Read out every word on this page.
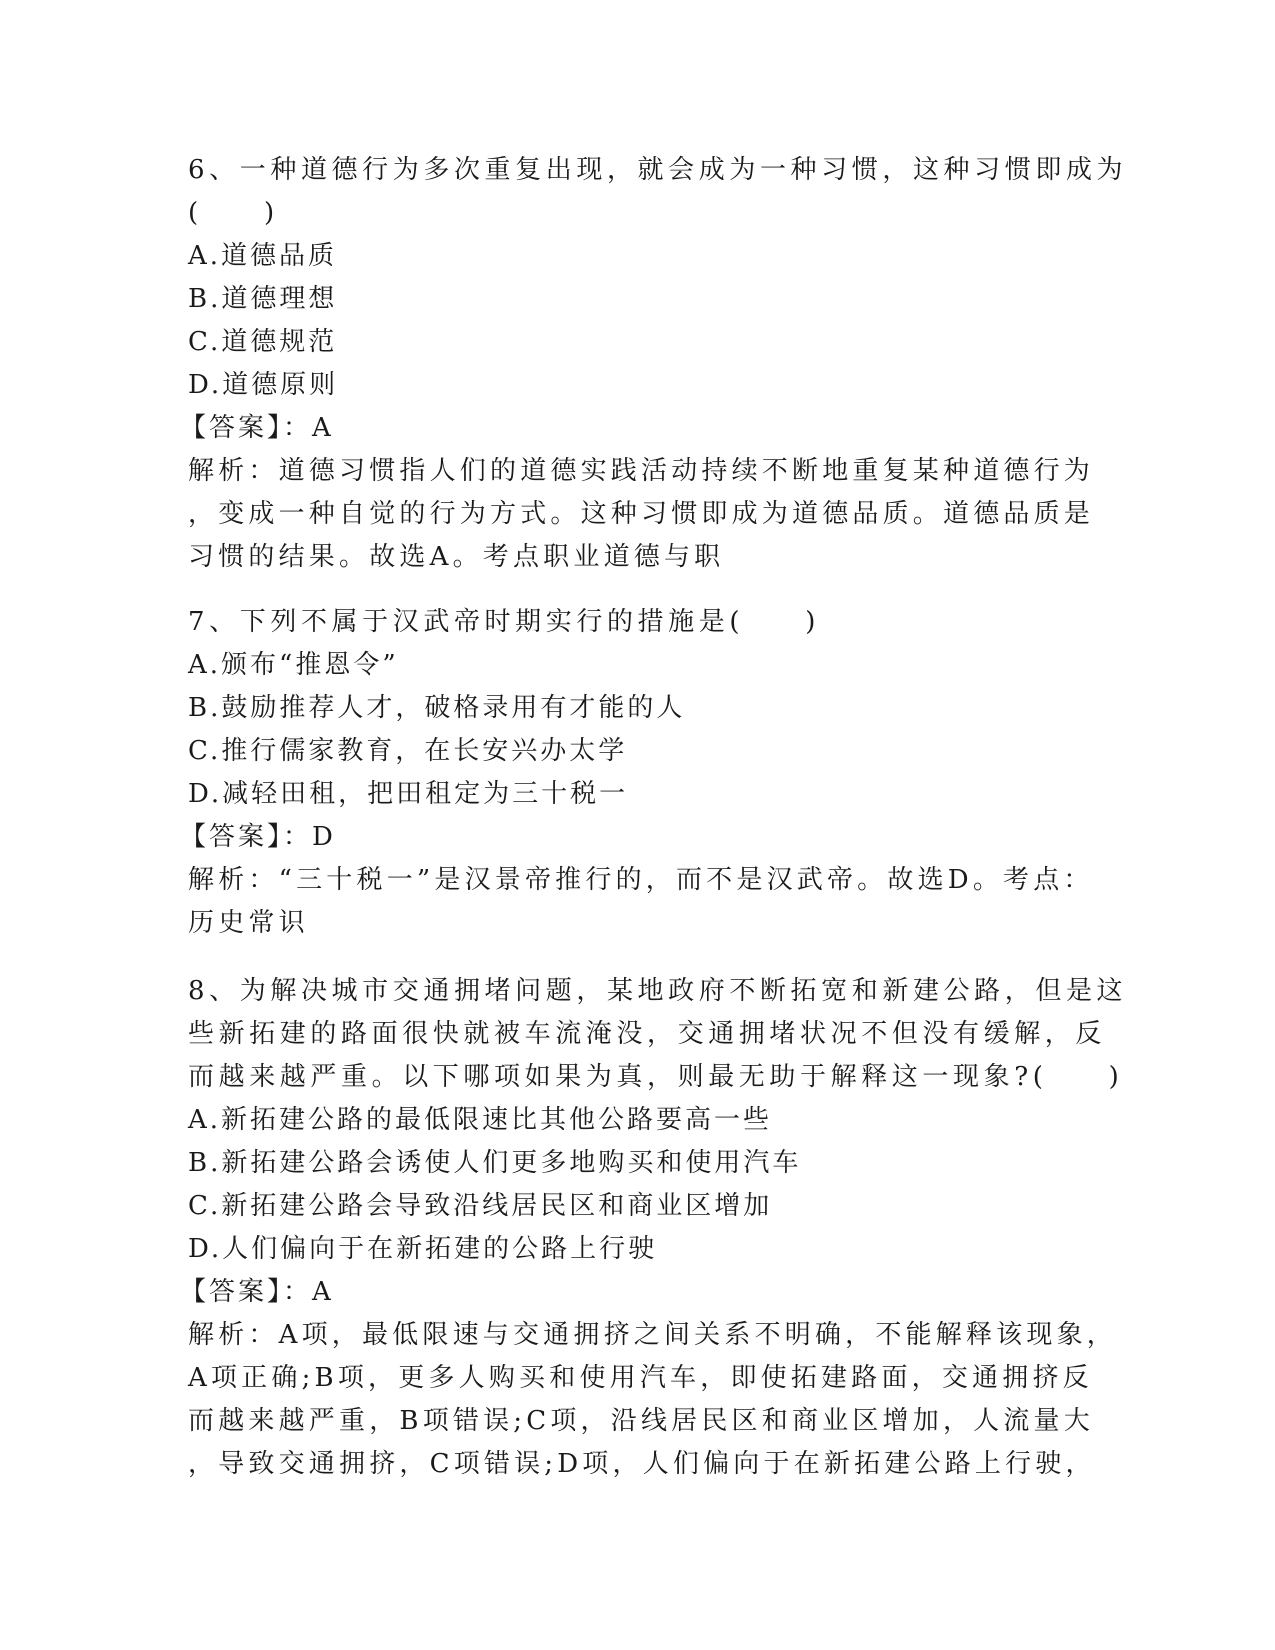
6、一种道德行为多次重复出现，就会成为一种习惯，这种习惯即成为
(　　)
A.道德品质
B.道德理想
C.道德规范
D.道德原则
【答案】：A
解析：道德习惯指人们的道德实践活动持续不断地重复某种道德行为
，变成一种自觉的行为方式。这种习惯即成为道德品质。道德品质是
习惯的结果。故选A。考点职业道德与职
7、下列不属于汉武帝时期实行的措施是(　　)
A.颁布“推恩令”
B.鼓励推荐人才，破格录用有才能的人
C.推行儒家教育，在长安兴办太学
D.减轻田租，把田租定为三十税一
【答案】：D
解析：“三十税一”是汉景帝推行的，而不是汉武帝。故选D。考点：
历史常识
8、为解决城市交通拥堵问题，某地政府不断拓宽和新建公路，但是这
些新拓建的路面很快就被车流淹没，交通拥堵状况不但没有缓解，反
而越来越严重。以下哪项如果为真，则最无助于解释这一现象?(　　)
A.新拓建公路的最低限速比其他公路要高一些
B.新拓建公路会诱使人们更多地购买和使用汽车
C.新拓建公路会导致沿线居民区和商业区增加
D.人们偏向于在新拓建的公路上行驶
【答案】：A
解析：A项，最低限速与交通拥挤之间关系不明确，不能解释该现象，
A项正确;B项，更多人购买和使用汽车，即使拓建路面，交通拥挤反
而越来越严重，B项错误;C项，沿线居民区和商业区增加，人流量大
，导致交通拥挤，C项错误;D项，人们偏向于在新拓建公路上行驶，
